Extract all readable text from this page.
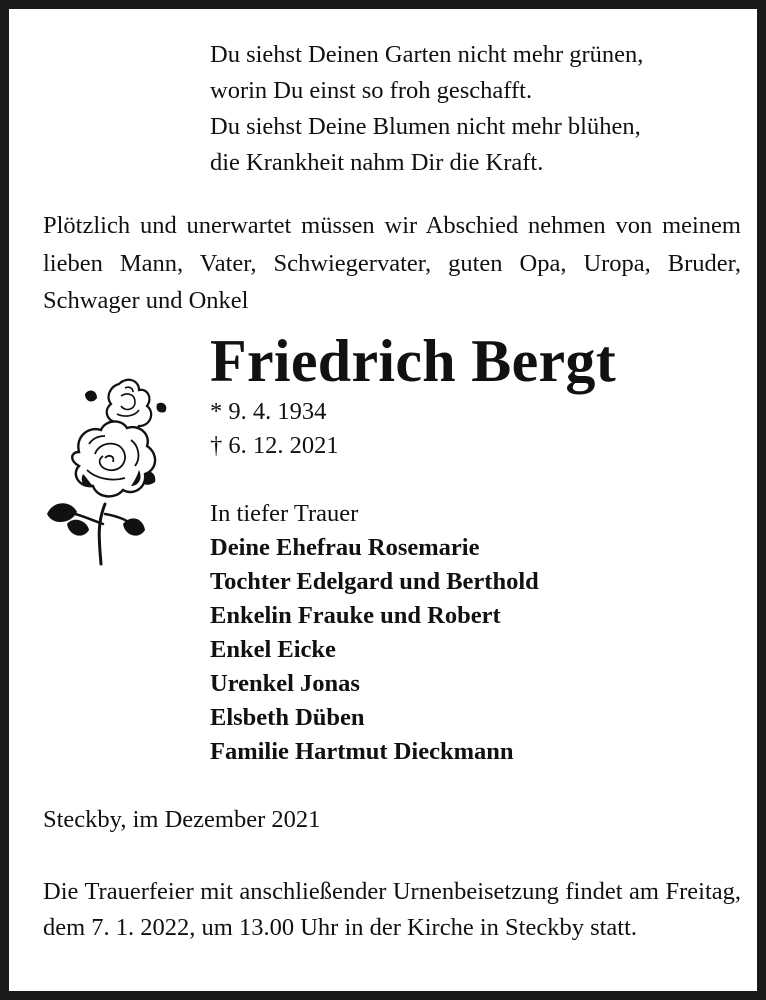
Du siehst Deinen Garten nicht mehr grünen,
worin Du einst so froh geschafft.
Du siehst Deine Blumen nicht mehr blühen,
die Krankheit nahm Dir die Kraft.
Plötzlich und unerwartet müssen wir Abschied nehmen von meinem lieben Mann, Vater, Schwiegervater, guten Opa, Uropa, Bruder, Schwager und Onkel
Friedrich Bergt
* 9. 4. 1934
† 6. 12. 2021
In tiefer Trauer
Deine Ehefrau Rosemarie
Tochter Edelgard und Berthold
Enkelin Frauke und Robert
Enkel Eicke
Urenkel Jonas
Elsbeth Düben
Familie Hartmut Dieckmann
Steckby, im Dezember 2021
Die Trauerfeier mit anschließender Urnenbeisetzung findet am Freitag, dem 7. 1. 2022, um 13.00 Uhr in der Kirche in Steckby statt.
